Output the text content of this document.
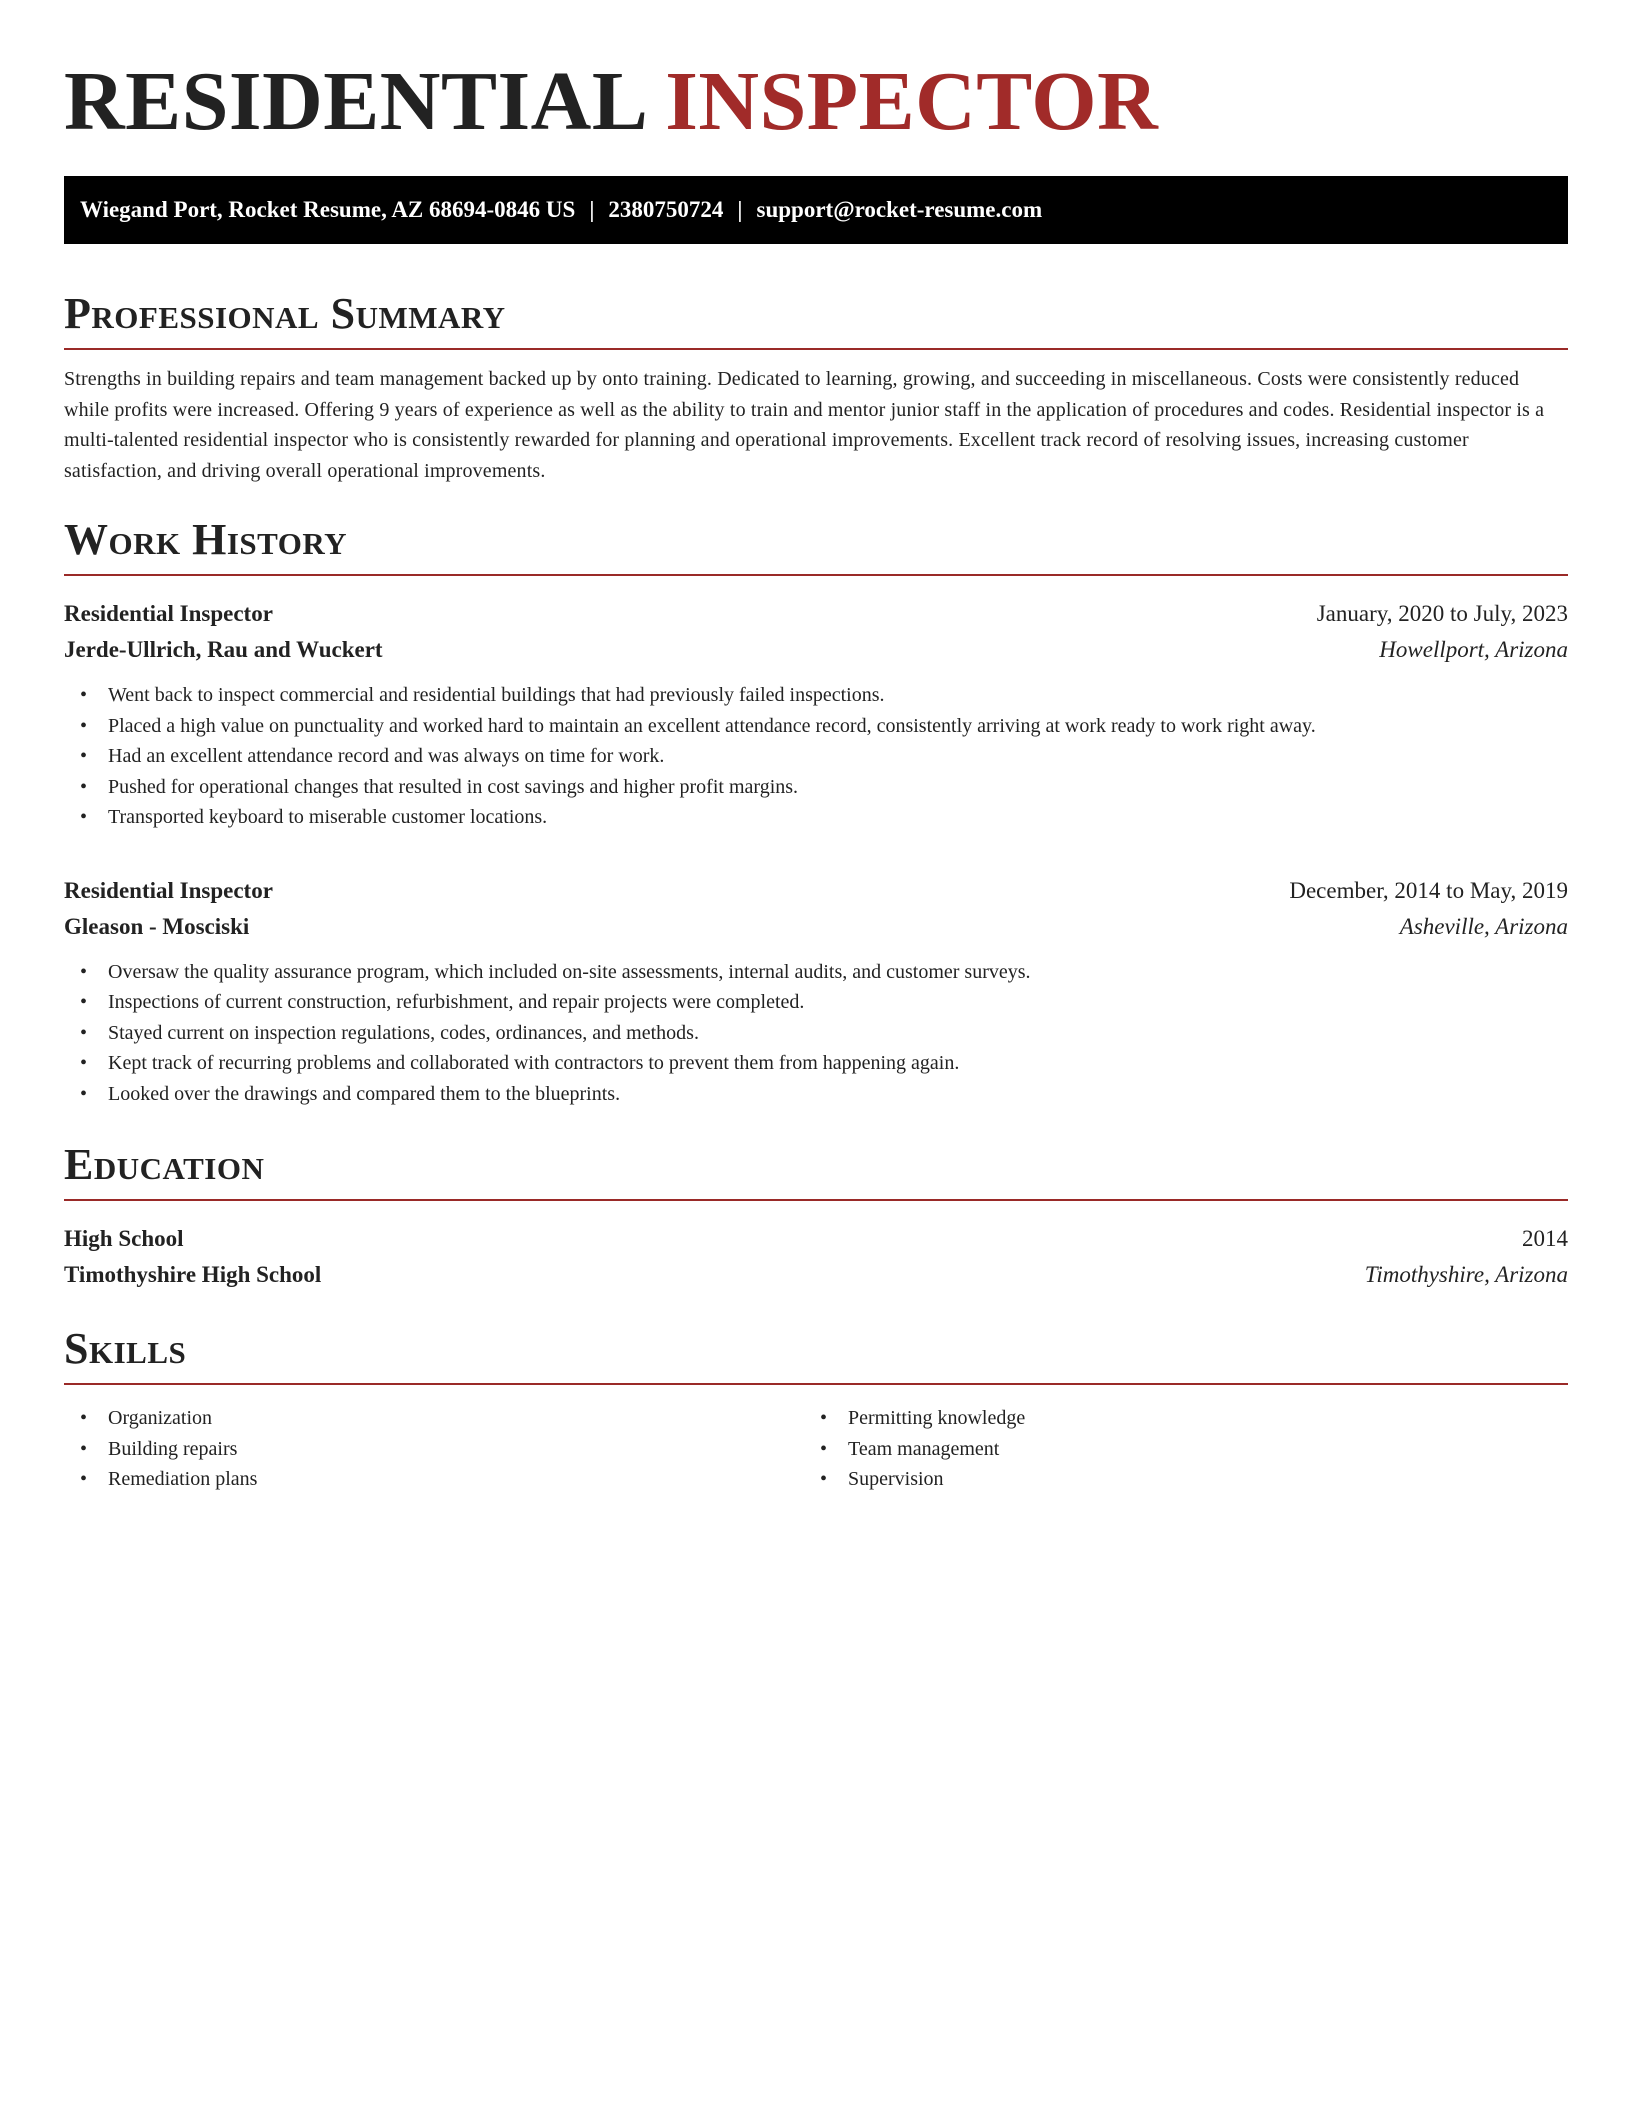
RESIDENTIAL INSPECTOR
Wiegand Port, Rocket Resume, AZ 68694-0846 US | 2380750724 | support@rocket-resume.com
Professional Summary
Strengths in building repairs and team management backed up by onto training. Dedicated to learning, growing, and succeeding in miscellaneous. Costs were consistently reduced while profits were increased. Offering 9 years of experience as well as the ability to train and mentor junior staff in the application of procedures and codes. Residential inspector is a multi-talented residential inspector who is consistently rewarded for planning and operational improvements. Excellent track record of resolving issues, increasing customer satisfaction, and driving overall operational improvements.
Work History
Residential Inspector	January, 2020 to July, 2023
Jerde-Ullrich, Rau and Wuckert	Howellport, Arizona
• Went back to inspect commercial and residential buildings that had previously failed inspections.
• Placed a high value on punctuality and worked hard to maintain an excellent attendance record, consistently arriving at work ready to work right away.
• Had an excellent attendance record and was always on time for work.
• Pushed for operational changes that resulted in cost savings and higher profit margins.
• Transported keyboard to miserable customer locations.
Residential Inspector	December, 2014 to May, 2019
Gleason - Mosciski	Asheville, Arizona
• Oversaw the quality assurance program, which included on-site assessments, internal audits, and customer surveys.
• Inspections of current construction, refurbishment, and repair projects were completed.
• Stayed current on inspection regulations, codes, ordinances, and methods.
• Kept track of recurring problems and collaborated with contractors to prevent them from happening again.
• Looked over the drawings and compared them to the blueprints.
Education
High School	2014
Timothyshire High School	Timothyshire, Arizona
Skills
• Organization
• Building repairs
• Remediation plans
• Permitting knowledge
• Team management
• Supervision
